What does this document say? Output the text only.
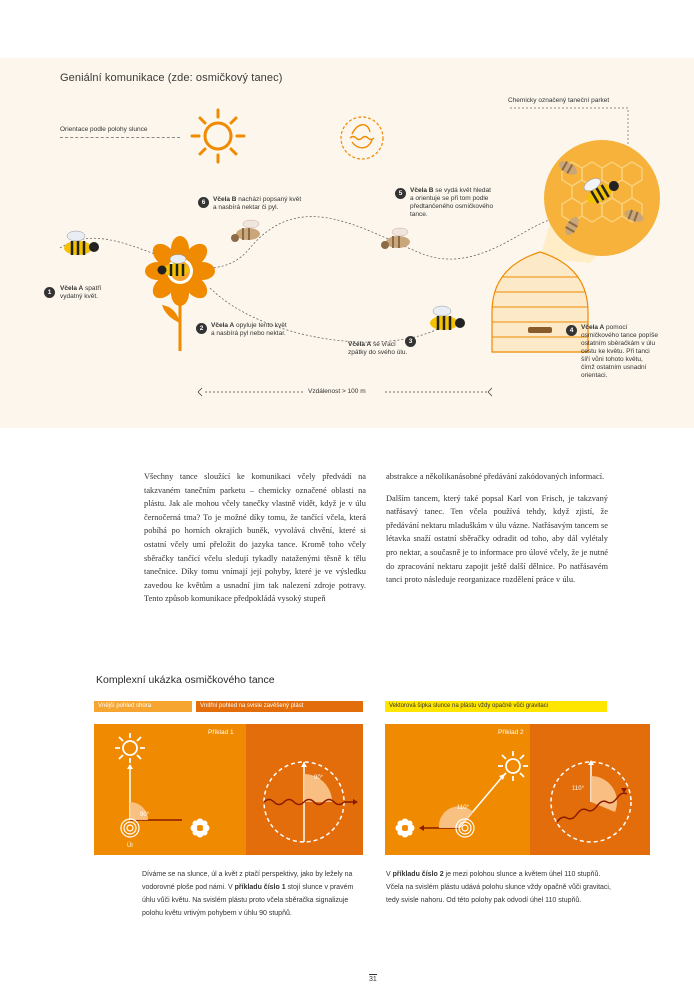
Geniální komunikace (zde: osmičkový tanec)
Orientace podle polohy slunce
Chemicky označený taneční parket
Vzdálenost > 100 m
1
Včela A spatří
vydatný květ.
2	Včela A opyluje tento květ
a nasbírá pyl nebo nektar.
3
Včela A se vrací
zpátky do svého úlu.
4	Včela A pomocí
osmičkového tance popíše
ostatním sběračkám v úlu
cestu ke květu. Při tanci
šíří vůni tohoto květu,
čímž ostatním usnadní
orientaci.
5	Včela B se vydá květ hledat
a orientuje se při tom podle
předtančeného osmičkového
tance.
6	Včela B nachází popsaný květ
a nasbírá nektar či pyl.

Všechny tance sloužící ke komunikaci včely předvádí na takzvaném tanečním parketu – chemicky označené oblasti na plástu. Jak ale mohou včely tanečky vlastně vidět, když je v úlu černočerná tma? To je možné díky tomu, že tančící včela, která pobíhá po horních okrajích buněk, vyvolává chvění, které si ostatní včely umí přeložit do jazyka tance. Kromě toho včely sběračky tančící včelu sledují tykadly nataženými těsně k tělu tanečnice. Díky tomu vnímají její pohyby, které je ve výsledku zavedou ke květům a usnadní jim tak nalezení zdroje potravy. Tento způsob komunikace předpokládá vysoký stupeň

abstrakce a několikanásobné předávání zakódovaných informací.

Dalším tancem, který také popsal Karl von Frisch, je takzvaný natřásavý tanec. Ten včela používá tehdy, když zjistí, že předávání nektaru mladuškám v úlu vázne. Natřásavým tancem se létavka snaží ostatní sběračky odradit od toho, aby dál vylétaly pro nektar, a současně je to informace pro úlové včely, že je nutné do zpracování nektaru zapojit ještě další dělnice. Po natřásavém tanci proto následuje reorganizace rozdělení práce v úlu.

Komplexní ukázka osmičkového tance
Vnější pohled shora	Vnitřní pohled na svisle zavěšený plást	Vektorová šipka slunce na plástu vždy opačně vůči gravitaci
Příklad 1
90°
90°
Úl
Příklad 2
110°
110°
Díváme se na slunce, úl a květ z ptačí perspektivy, jako by ležely na vodorovné ploše pod námi. V příkladu číslo 1 stojí slunce v pravém úhlu vůči květu. Na svislém plástu proto včela sběračka signalizuje polohu květu vrtivým pohybem v úhlu 90 stupňů.
V příkladu číslo 2 je mezi polohou slunce a květem úhel 110 stupňů. Včela na svislém plástu udává polohu slunce vždy opačně vůči gravitaci, tedy svisle nahoru. Od této polohy pak odvodí úhel 110 stupňů.
31
